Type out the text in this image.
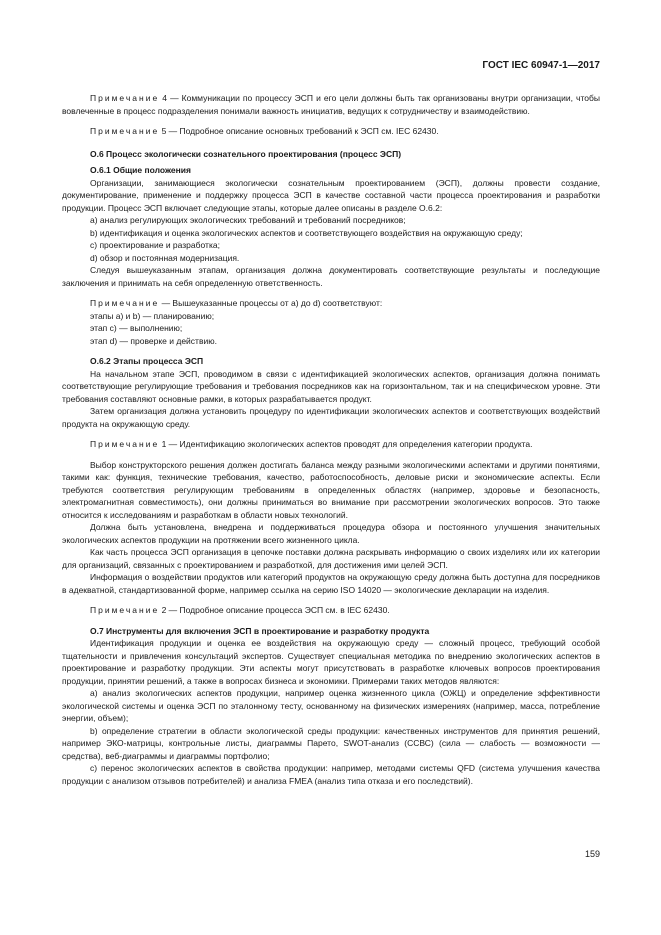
ГОСТ IEC 60947-1—2017

Примечание 4 — Коммуникации по процессу ЭСП и его цели должны быть так организованы внутри организации, чтобы вовлеченные в процесс подразделения понимали важность инициатив, ведущих к сотрудничеству и взаимодействию.

Примечание 5 — Подробное описание основных требований к ЭСП см. IEC 62430.

O.6 Процесс экологически сознательного проектирования (процесс ЭСП)

O.6.1 Общие положения

Организации, занимающиеся экологически сознательным проектированием (ЭСП), должны провести создание, документирование, применение и поддержку процесса ЭСП в качестве составной части процесса проектирования и разработки продукции. Процесс ЭСП включает следующие этапы, которые далее описаны в разделе O.6.2:

a) анализ регулирующих экологических требований и требований посредников;

b) идентификация и оценка экологических аспектов и соответствующего воздействия на окружающую среду;

c) проектирование и разработка;

d) обзор и постоянная модернизация.

Следуя вышеуказанным этапам, организация должна документировать соответствующие результаты и последующие заключения и принимать на себя определенную ответственность.

Примечание — Вышеуказанные процессы от a) до d) соответствуют:

этапы a) и b) — планированию;

этап c) — выполнению;

этап d) — проверке и действию.

O.6.2 Этапы процесса ЭСП

На начальном этапе ЭСП, проводимом в связи с идентификацией экологических аспектов, организация должна понимать соответствующие регулирующие требования и требования посредников как на горизонтальном, так и на специфическом уровне. Эти требования составляют основные рамки, в которых разрабатывается продукт.

Затем организация должна установить процедуру по идентификации экологических аспектов и соответствующих воздействий продукта на окружающую среду.

Примечание 1 — Идентификацию экологических аспектов проводят для определения категории продукта.

Выбор конструкторского решения должен достигать баланса между разными экологическими аспектами и другими понятиями, такими как: функция, технические требования, качество, работоспособность, деловые риски и экономические аспекты. Если требуются соответствия регулирующим требованиям в определенных областях (например, здоровье и безопасность, электромагнитная совместимость), они должны приниматься во внимание при рассмотрении экологических вопросов. Это также относится к исследованиям и разработкам в области новых технологий.

Должна быть установлена, внедрена и поддерживаться процедура обзора и постоянного улучшения значительных экологических аспектов продукции на протяжении всего жизненного цикла.

Как часть процесса ЭСП организация в цепочке поставки должна раскрывать информацию о своих изделиях или их категории для организаций, связанных с проектированием и разработкой, для достижения ими целей ЭСП.

Информация о воздействии продуктов или категорий продуктов на окружающую среду должна быть доступна для посредников в адекватной, стандартизованной форме, например ссылка на серию ISO 14020 — экологические декларации на изделия.

Примечание 2 — Подробное описание процесса ЭСП см. в IEC 62430.

O.7 Инструменты для включения ЭСП в проектирование и разработку продукта

Идентификация продукции и оценка ее воздействия на окружающую среду — сложный процесс, требующий особой тщательности и привлечения консультаций экспертов. Существует специальная методика по внедрению экологических аспектов в проектирование и разработку продукции. Эти аспекты могут присутствовать в разработке ключевых вопросов проектирования продукции, принятии решений, а также в вопросах бизнеса и экономики. Примерами таких методов являются:

a) анализ экологических аспектов продукции, например оценка жизненного цикла (ОЖЦ) и определение эффективности экологической системы и оценка ЭСП по эталонному тесту, основанному на физических измерениях (например, масса, потребление энергии, объем);

b) определение стратегии в области экологической среды продукции: качественных инструментов для принятия решений, например ЭКО-матрицы, контрольные листы, диаграммы Парето, SWOT-анализ (ССВС) (сила — слабость — возможности — средства), веб-диаграммы и диаграммы портфолио;

c) перенос экологических аспектов в свойства продукции: например, методами системы QFD (система улучшения качества продукции с анализом отзывов потребителей) и анализа FMEA (анализ типа отказа и его последствий).

159
